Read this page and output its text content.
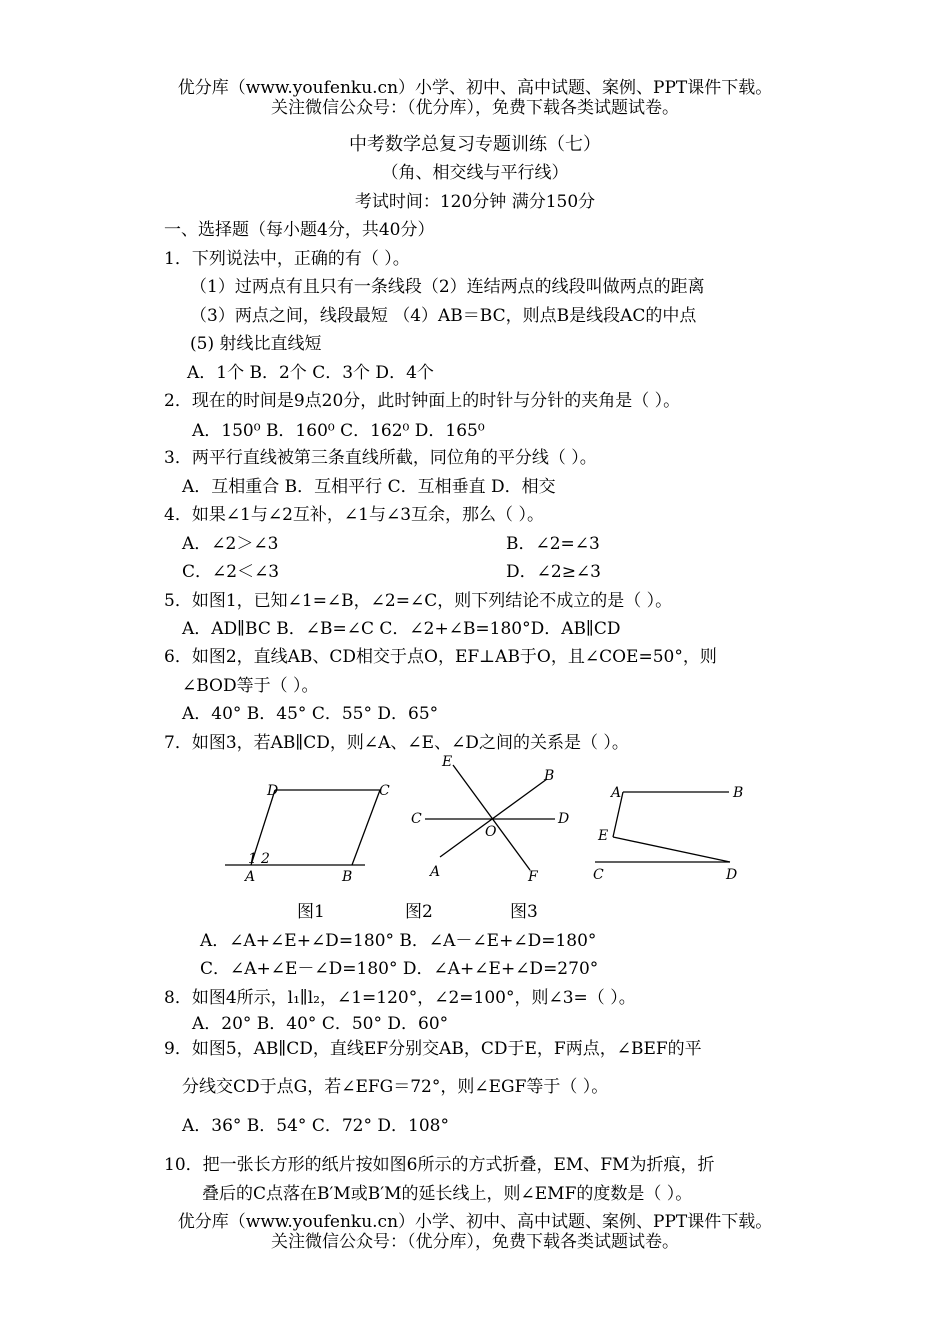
优分库（www.youfenku.cn）小学、初中、高中试题、案例、PPT课件下载。
关注微信公众号：（优分库），免费下载各类试题试卷。
中考数学总复习专题训练（七）
（角、相交线与平行线）
考试时间：120分钟 满分150分
一、选择题（每小题4分，共40分）
1．下列说法中，正确的有（ ）。
（1）过两点有且只有一条线段（2）连结两点的线段叫做两点的距离
（3）两点之间，线段最短 （4）AB＝BC，则点B是线段AC的中点
(5) 射线比直线短
A．1个 B．2个 C．3个 D．4个
2．现在的时间是9点20分，此时钟面上的时针与分针的夹角是（ ）。
A．150⁰ B．160⁰ C．162⁰ D．165⁰
3．两平行直线被第三条直线所截，同位角的平分线（ ）。
A．互相重合 B．互相平行 C．互相垂直 D．相交
4．如果∠1与∠2互补，∠1与∠3互余，那么（ ）。
A．∠2＞∠3	B．∠2=∠3
C．∠2＜∠3	D．∠2≥∠3
5．如图1，已知∠1=∠B，∠2=∠C，则下列结论不成立的是（ ）。
A．AD∥BC B．∠B=∠C C．∠2+∠B=180°D．AB∥CD
6．如图2，直线AB、CD相交于点O，EF⊥AB于O，且∠COE=50°，则
∠BOD等于（ ）。
A．40° B．45° C．55° D．65°
7．如图3，若AB∥CD，则∠A、∠E、∠D之间的关系是（ ）。
D	C
1 2
A	B
E
B
C	D
O
A	F
A	B
E
C	D
图1	图2	图3
A．∠A+∠E+∠D=180° B．∠A－∠E+∠D=180°
C．∠A+∠E－∠D=180° D．∠A+∠E+∠D=270°
8．如图4所示，l₁∥l₂，∠1=120°，∠2=100°，则∠3=（ ）。
A．20° B．40° C．50° D．60°
9．如图5，AB∥CD，直线EF分别交AB，CD于E，F两点，∠BEF的平
分线交CD于点G，若∠EFG＝72°，则∠EGF等于（ ）。
A．36° B．54° C．72° D．108°
10．把一张长方形的纸片按如图6所示的方式折叠，EM、FM为折痕，折
叠后的C点落在B′M或B′M的延长线上，则∠EMF的度数是（ ）。
优分库（www.youfenku.cn）小学、初中、高中试题、案例、PPT课件下载。
关注微信公众号：（优分库），免费下载各类试题试卷。
